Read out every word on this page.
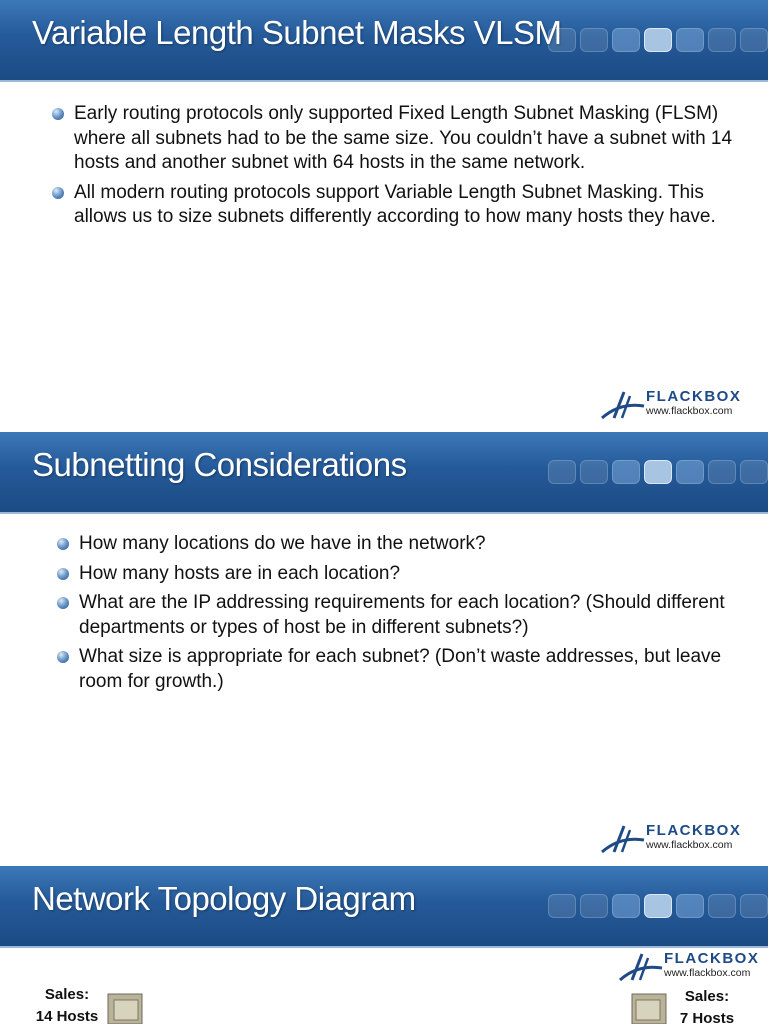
Variable Length Subnet Masks VLSM
Early routing protocols only supported Fixed Length Subnet Masking (FLSM) where all subnets had to be the same size. You couldn’t have a subnet with 14 hosts and another subnet with 64 hosts in the same network.
All modern routing protocols support Variable Length Subnet Masking. This allows us to size subnets differently according to how many hosts they have.
FLACKBOX
www.flackbox.com
Subnetting Considerations
How many locations do we have in the network?
How many hosts are in each location?
What are the IP addressing requirements for each location? (Should different departments or types of host be in different subnets?)
What size is appropriate for each subnet? (Don’t waste addresses, but leave room for growth.)
FLACKBOX
www.flackbox.com
Network Topology Diagram
FLACKBOX
www.flackbox.com
Sales:
14 Hosts
Sales:
7 Hosts
